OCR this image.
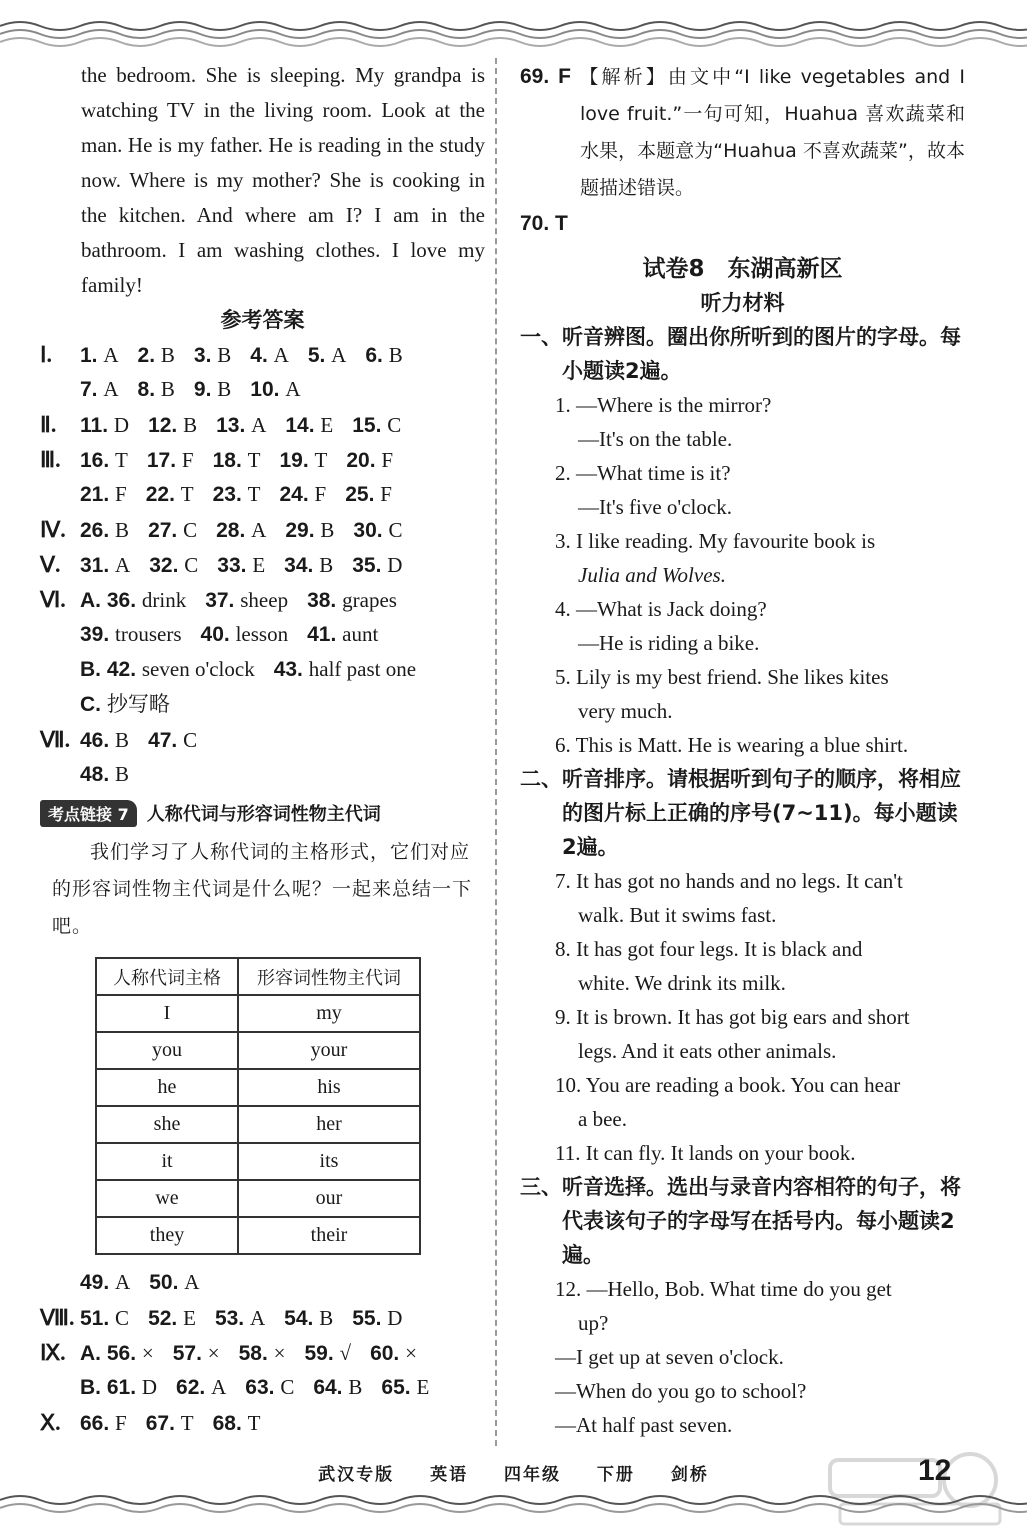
the bedroom. She is sleeping. My grandpa is watching TV in the living room. Look at the man. He is my father. He is reading in the study now. Where is my mother? She is cooking in the kitchen. And where am I? I am in the bathroom. I am washing clothes. I love my family!

参考答案
Ⅰ.	1. A 2. B 3. B 4. A 5. A 6. B
7. A 8. B 9. B 10. A
Ⅱ.	11. D 12. B 13. A 14. E 15. C
Ⅲ. 16. T 17. F 18. T 19. T 20. F
21. F 22. T 23. T 24. F 25. F
Ⅳ. 26. B 27. C 28. A 29. B 30. C
Ⅴ. 31. A 32. C 33. E 34. B 35. D
Ⅵ. A. 36. drink 37. sheep 38. grapes
39. trousers 40. lesson 41. aunt
B. 42. seven o'clock 43. half past one
C. 抄写略
Ⅶ. 46. B 47. C
48. B
考点链接 7	人称代词与形容词性物主代词

我们学习了人称代词的主格形式，它们对应的形容词性物主代词是什么呢？一起来总结一下吧。

人称代词主格	形容词性物主代词
I	my
you	your
he	his
she	her
it	its
we	our
they	their
49. A 50. A
Ⅷ. 51. C 52. E 53. A 54. B 55. D
Ⅸ. A. 56. × 57. × 58. × 59. √ 60. ×
B. 61. D 62. A 63. C 64. B 65. E
Ⅹ. 66. F 67. T 68. T

69. F 【解析】由文中“I like vegetables and I love fruit.”一句可知，Huahua 喜欢蔬菜和水果，本题意为“Huahua 不喜欢蔬菜”，故本题描述错误。

70. T
试卷8　东湖高新区
听力材料

一、听音辨图。圈出你所听到的图片的字母。每小题读2遍。

1. —Where is the mirror?

—It's on the table.

2. —What time is it?

—It's five o'clock.

3. I like reading. My favourite book is

Julia and Wolves.

4. —What is Jack doing?

—He is riding a bike.

5. Lily is my best friend. She likes kites

very much.

6. This is Matt. He is wearing a blue shirt.

二、听音排序。请根据听到句子的顺序，将相应的图片标上正确的序号(7~11)。每小题读2遍。

7. It has got no hands and no legs. It can't

walk. But it swims fast.

8. It has got four legs. It is black and

white. We drink its milk.

9. It is brown. It has got big ears and short

legs. And it eats other animals.

10. You are reading a book. You can hear

a bee.

11. It can fly. It lands on your book.

三、听音选择。选出与录音内容相符的句子，将代表该句子的字母写在括号内。每小题读2遍。

12. —Hello, Bob. What time do you get

up?

—I get up at seven o'clock.

—When do you go to school?

—At half past seven.

武汉专版 英语 四年级 下册 剑桥	12
